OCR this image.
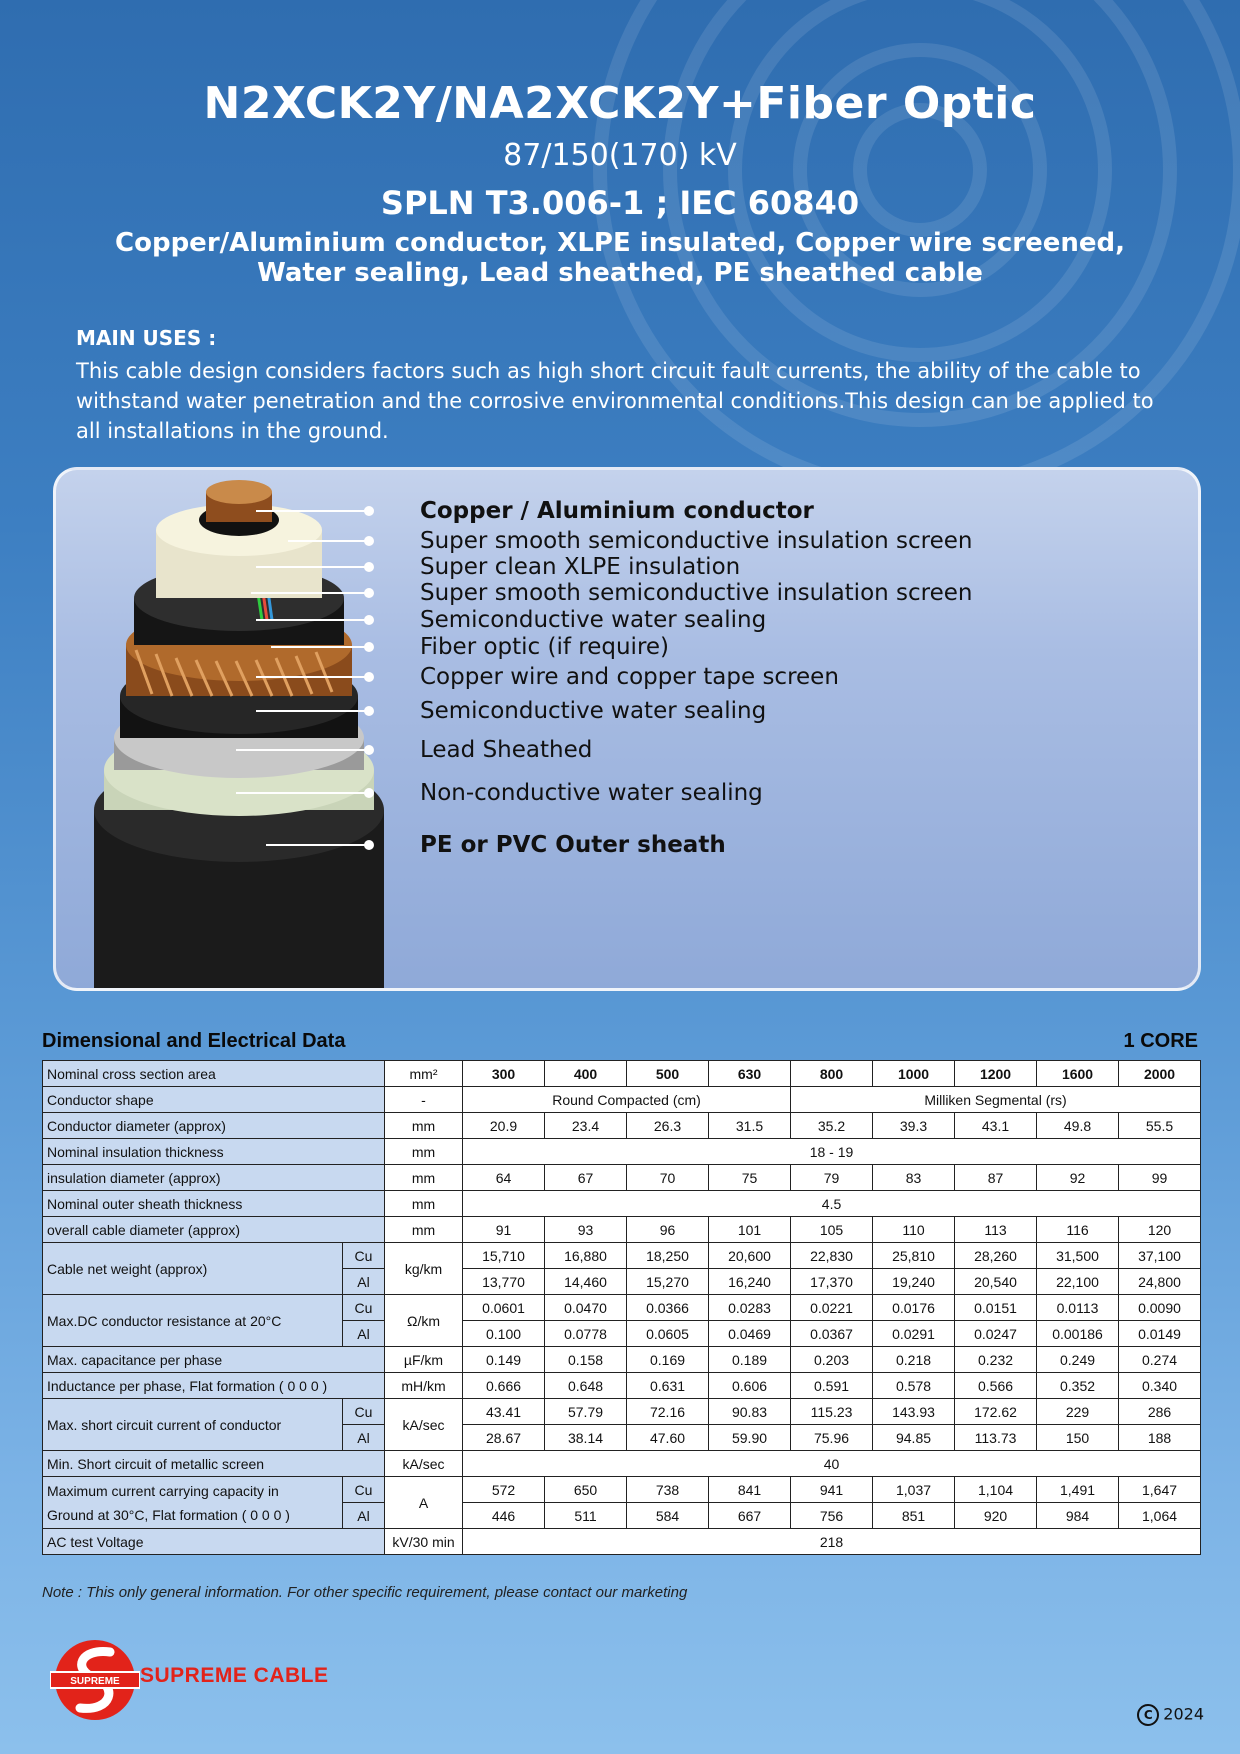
N2XCK2Y/NA2XCK2Y+Fiber Optic
87/150(170) kV
SPLN T3.006-1 ; IEC 60840
Copper/Aluminium conductor, XLPE insulated, Copper wire screened,
Water sealing, Lead sheathed, PE sheathed cable
MAIN USES :
This cable design considers factors such as high short circuit fault currents, the ability of the cable to withstand water penetration and the corrosive environmental conditions.This design can be applied to all installations in the ground.
Copper / Aluminium conductor
Super smooth semiconductive insulation screen
Super clean XLPE insulation
Super smooth semiconductive insulation screen
Semiconductive water sealing
Fiber optic (if require)
Copper wire and copper tape screen
Semiconductive water sealing
Lead Sheathed
Non-conductive water sealing
PE or PVC Outer sheath
Dimensional and Electrical Data	1 CORE
Nominal cross section area		mm²	300	400	500	630	800	1000	1200	1600	2000
Conductor shape		-	Round Compacted (cm)				Milliken Segmental (rs)				
Conductor diameter (approx)		mm	20.9	23.4	26.3	31.5	35.2	39.3	43.1	49.8	55.5
Nominal insulation thickness		mm	18 - 19								
insulation diameter (approx)		mm	64	67	70	75	79	83	87	92	99
Nominal outer sheath thickness		mm	4.5								
overall cable diameter (approx)		mm	91	93	96	101	105	110	113	116	120
Cable net weight (approx)	Cu	kg/km	15,710	16,880	18,250	20,600	22,830	25,810	28,260	31,500	37,100
	Al		13,770	14,460	15,270	16,240	17,370	19,240	20,540	22,100	24,800
Max.DC conductor resistance at 20°C	Cu	Ω/km	0.0601	0.0470	0.0366	0.0283	0.0221	0.0176	0.0151	0.0113	0.0090
	Al		0.100	0.0778	0.0605	0.0469	0.0367	0.0291	0.0247	0.00186	0.0149
Max. capacitance per phase		µF/km	0.149	0.158	0.169	0.189	0.203	0.218	0.232	0.249	0.274
Inductance per phase, Flat formation ( 0 0 0 )		mH/km	0.666	0.648	0.631	0.606	0.591	0.578	0.566	0.352	0.340
Max. short circuit current of conductor	Cu	kA/sec	43.41	57.79	72.16	90.83	115.23	143.93	172.62	229	286
	Al		28.67	38.14	47.60	59.90	75.96	94.85	113.73	150	188
Min. Short circuit of metallic screen		kA/sec	40								

Maximum current carrying capacity in
Ground at 30°C, Flat formation ( 0 0 0 )	Cu	A	572	650	738	841	941	1,037	1,104	1,491	1,647
	Al		446	511	584	667	756	851	920	984	1,064
AC test Voltage		kV/30 min	218								
Note : This only general information. For other specific requirement, please contact our marketing
SUPREME SUPREME CABLE
C 2024
